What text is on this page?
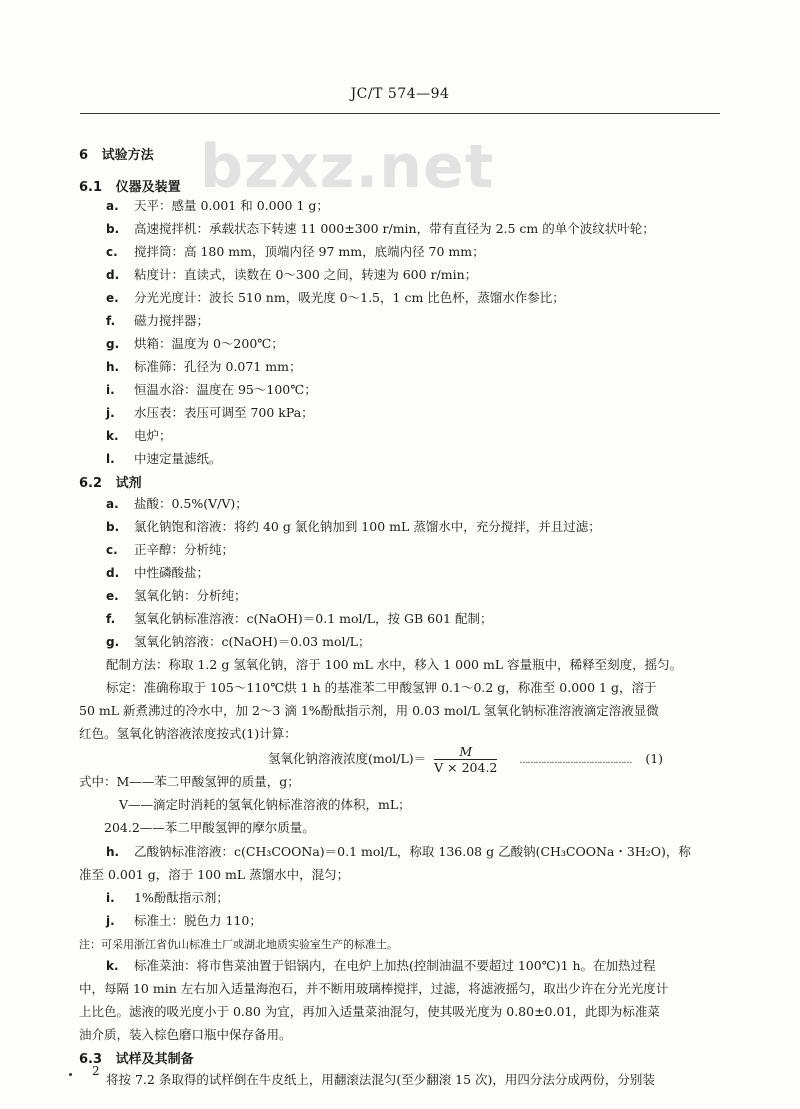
JC/T 574—94
bzxz.net
6 试验方法
6.1 仪器及装置
a. 天平：感量 0.001 和 0.000 1 g；
b. 高速搅拌机：承载状态下转速 11 000±300 r/min，带有直径为 2.5 cm 的单个波纹状叶轮；
c. 搅拌筒：高 180 mm，顶端内径 97 mm，底端内径 70 mm；
d. 粘度计：直读式，读数在 0～300 之间，转速为 600 r/min；
e. 分光光度计：波长 510 nm，吸光度 0～1.5，1 cm 比色杯，蒸馏水作参比；
f. 磁力搅拌器；
g. 烘箱：温度为 0～200℃；
h. 标准筛：孔径为 0.071 mm；
i. 恒温水浴：温度在 95～100℃；
j. 水压表：表压可调至 700 kPa；
k. 电炉；
l. 中速定量滤纸。
6.2 试剂
a. 盐酸：0.5%(V/V)；
b. 氯化钠饱和溶液：将约 40 g 氯化钠加到 100 mL 蒸馏水中，充分搅拌，并且过滤；
c. 正辛醇：分析纯；
d. 中性磷酸盐；
e. 氢氧化钠：分析纯；
f. 氢氧化钠标准溶液：c(NaOH)＝0.1 mol/L，按 GB 601 配制；
g. 氢氧化钠溶液：c(NaOH)＝0.03 mol/L；
配制方法：称取 1.2 g 氢氧化钠，溶于 100 mL 水中，移入 1 000 mL 容量瓶中，稀释至刻度，摇匀。
标定：准确称取于 105～110℃烘 1 h 的基准苯二甲酸氢钾 0.1～0.2 g，称准至 0.000 1 g，溶于
50 mL 新煮沸过的冷水中，加 2～3 滴 1%酚酞指示剂，用 0.03 mol/L 氢氧化钠标准溶液滴定溶液显微
红色。氢氧化钠溶液浓度按式(1)计算：
氢氧化钠溶液浓度$(mol/L)= \frac{M}{V \times 204.2}$ …………………………………… (1)
式中：M——苯二甲酸氢钾的质量，g；
V——滴定时消耗的氢氧化钠标准溶液的体积，mL；
204.2——苯二甲酸氢钾的摩尔质量。
h. 乙酸钠标准溶液：c(CH₃COONa)＝0.1 mol/L，称取 136.08 g 乙酸钠(CH₃COONa・3H₂O)，称
准至 0.001 g，溶于 100 mL 蒸馏水中，混匀；
i. 1%酚酞指示剂；
j. 标准土：脱色力 110；
注：可采用浙江省仇山标准土厂或湖北地质实验室生产的标准土。
k. 标准菜油：将市售菜油置于铝锅内，在电炉上加热(控制油温不要超过 100℃)1 h。在加热过程
中，每隔 10 min 左右加入适量海泡石，并不断用玻璃棒搅拌，过滤，将滤液摇匀，取出少许在分光光度计
上比色。滤液的吸光度小于 0.80 为宜，再加入适量菜油混匀，使其吸光度为 0.80±0.01，此即为标准菜
油介质，装入棕色磨口瓶中保存备用。
6.3 试样及其制备
将按 7.2 条取得的试样倒在牛皮纸上，用翻滚法混匀(至少翻滚 15 次)，用四分法分成两份，分别装
2
